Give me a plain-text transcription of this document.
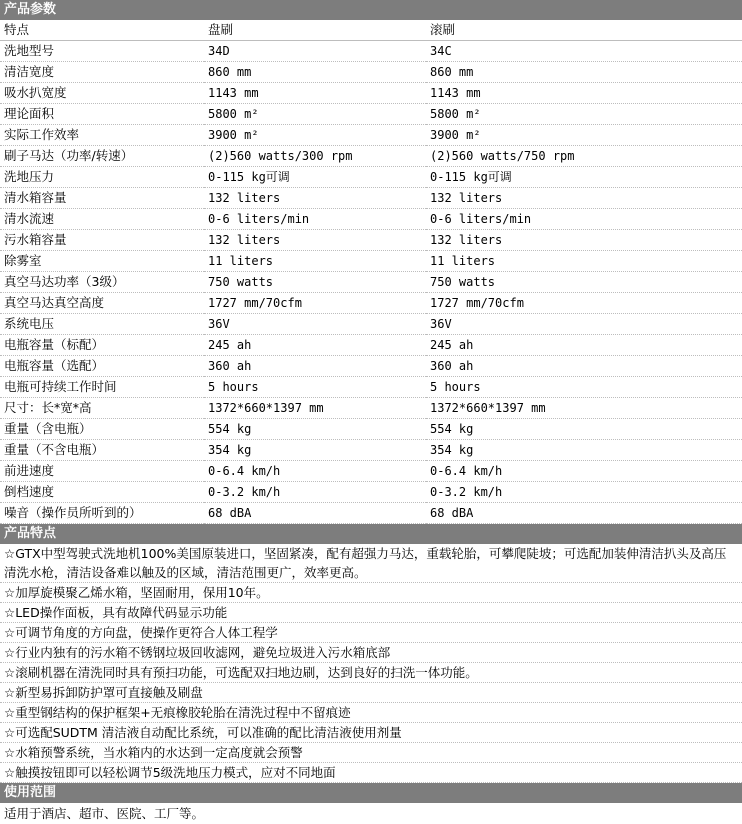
产品参数
特点	盘刷	滚刷
洗地型号	34D	34C
清洁宽度	860 mm	860 mm
吸水扒宽度	1143 mm	1143 mm
理论面积	5800 m²	5800 m²
实际工作效率	3900 m²	3900 m²
刷子马达（功率/转速）	(2)560 watts/300 rpm	(2)560 watts/750 rpm
洗地压力	0-115 kg可调	0-115 kg可调
清水箱容量	132 liters	132 liters
清水流速	0-6 liters/min	0-6 liters/min
污水箱容量	132 liters	132 liters
除雾室	11 liters	11 liters
真空马达功率（3级）	750 watts	750 watts
真空马达真空高度	1727 mm/70cfm	1727 mm/70cfm
系统电压	36V	36V
电瓶容量（标配）	245 ah	245 ah
电瓶容量（选配）	360 ah	360 ah
电瓶可持续工作时间	5 hours	5 hours
尺寸：长*宽*高	1372*660*1397 mm	1372*660*1397 mm
重量（含电瓶）	554 kg	554 kg
重量（不含电瓶）	354 kg	354 kg
前进速度	0-6.4 km/h	0-6.4 km/h
倒档速度	0-3.2 km/h	0-3.2 km/h
噪音（操作员所听到的）	68 dBA	68 dBA
产品特点
☆GTX中型驾驶式洗地机100%美国原装进口，坚固紧凑，配有超强力马达，重载轮胎，可攀爬陡坡；可选配加装伸清洁扒头及高压清洗水枪，清洁设备难以触及的区域，清洁范围更广，效率更高。
☆加厚旋模聚乙烯水箱，坚固耐用，保用10年。
☆LED操作面板，具有故障代码显示功能
☆可调节角度的方向盘，使操作更符合人体工程学
☆行业内独有的污水箱不锈钢垃圾回收滤网，避免垃圾进入污水箱底部
☆滚刷机器在清洗同时具有预扫功能，可选配双扫地边刷，达到良好的扫洗一体功能。
☆新型易拆卸防护罩可直接触及刷盘
☆重型钢结构的保护框架+无痕橡胶轮胎在清洗过程中不留痕迹
☆可选配SUDTM 清洁液自动配比系统，可以准确的配比清洁液使用剂量
☆水箱预警系统，当水箱内的水达到一定高度就会预警
☆触摸按钮即可以轻松调节5级洗地压力模式，应对不同地面
使用范围
适用于酒店、超市、医院、工厂等。
